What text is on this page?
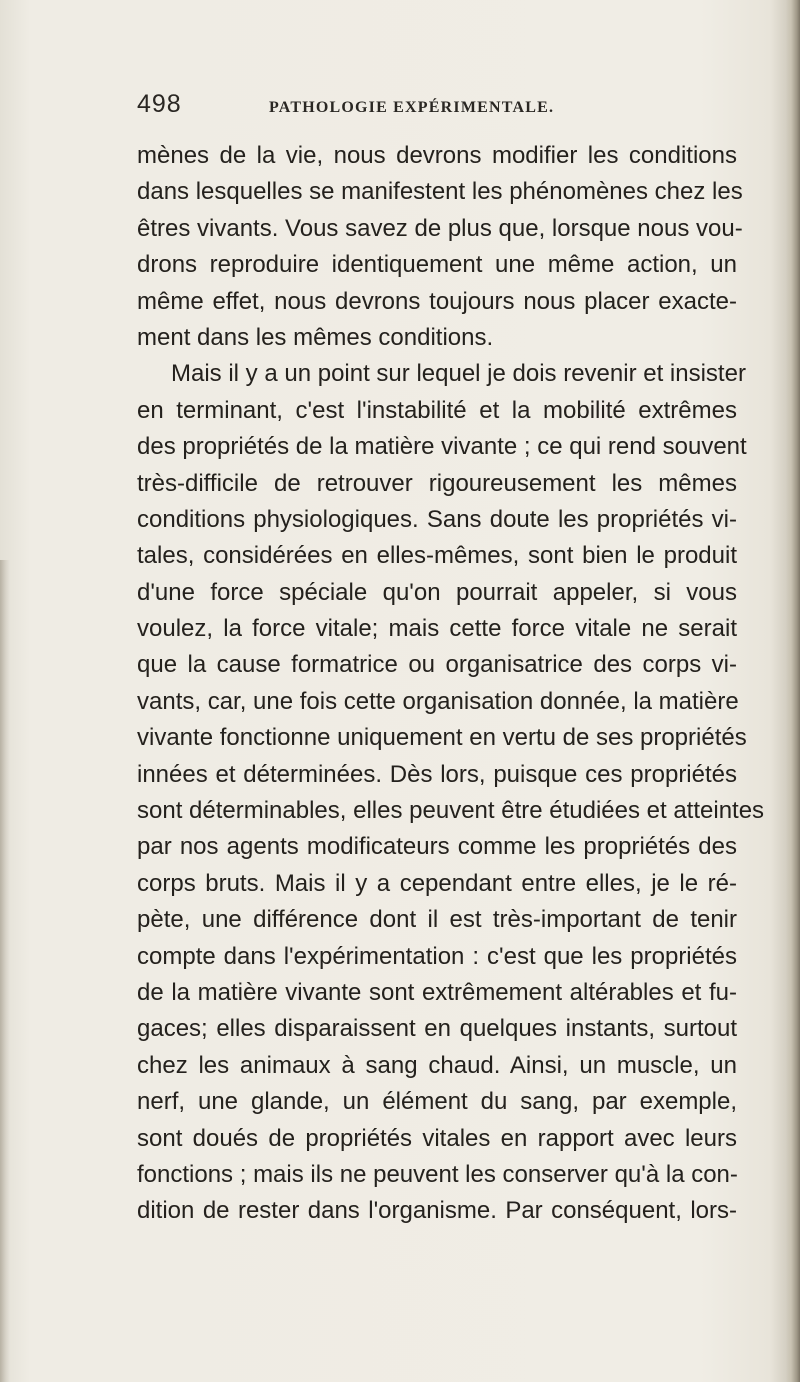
498	PATHOLOGIE EXPÉRIMENTALE.
mènes de la vie, nous devrons modifier les conditions
dans lesquelles se manifestent les phénomènes chez les
êtres vivants. Vous savez de plus que, lorsque nous vou-
drons reproduire identiquement une même action, un
même effet, nous devrons toujours nous placer exacte-
ment dans les mêmes conditions.
Mais il y a un point sur lequel je dois revenir et insister
en terminant, c'est l'instabilité et la mobilité extrêmes
des propriétés de la matière vivante ; ce qui rend souvent
très-difficile de retrouver rigoureusement les mêmes
conditions physiologiques. Sans doute les propriétés vi-
tales, considérées en elles-mêmes, sont bien le produit
d'une force spéciale qu'on pourrait appeler, si vous
voulez, la force vitale; mais cette force vitale ne serait
que la cause formatrice ou organisatrice des corps vi-
vants, car, une fois cette organisation donnée, la matière
vivante fonctionne uniquement en vertu de ses propriétés
innées et déterminées. Dès lors, puisque ces propriétés
sont déterminables, elles peuvent être étudiées et atteintes
par nos agents modificateurs comme les propriétés des
corps bruts. Mais il y a cependant entre elles, je le ré-
pète, une différence dont il est très-important de tenir
compte dans l'expérimentation : c'est que les propriétés
de la matière vivante sont extrêmement altérables et fu-
gaces; elles disparaissent en quelques instants, surtout
chez les animaux à sang chaud. Ainsi, un muscle, un
nerf, une glande, un élément du sang, par exemple,
sont doués de propriétés vitales en rapport avec leurs
fonctions ; mais ils ne peuvent les conserver qu'à la con-
dition de rester dans l'organisme. Par conséquent, lors-
